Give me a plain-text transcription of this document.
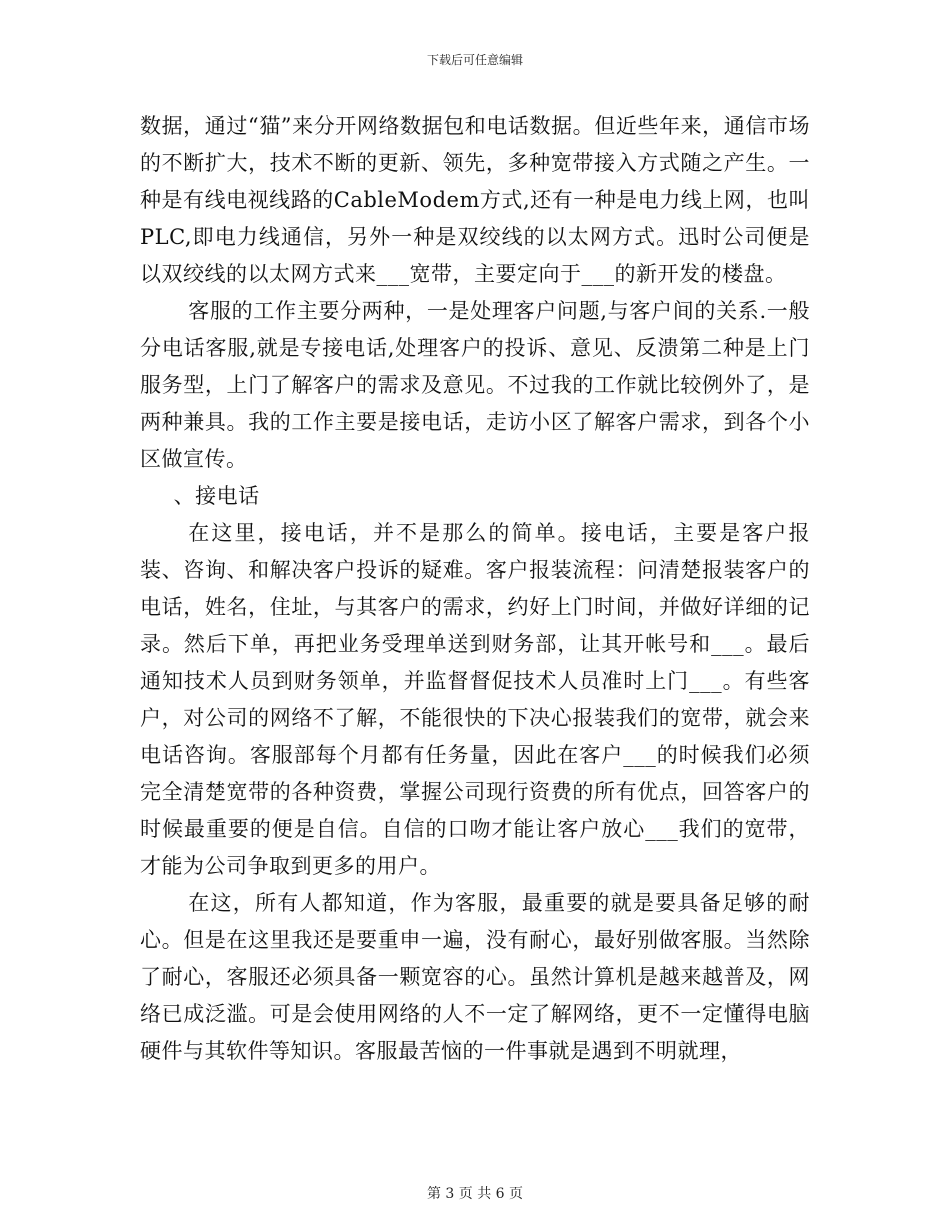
下载后可任意编辑

数据，通过“猫”来分开网络数据包和电话数据。但近些年来，通信市场的不断扩大，技术不断的更新、领先，多种宽带接入方式随之产生。一种是有线电视线路的CableModem方式,还有一种是电力线上网，也叫PLC,即电力线通信，另外一种是双绞线的以太网方式。迅时公司便是以双绞线的以太网方式来___宽带，主要定向于___的新开发的楼盘。

客服的工作主要分两种，一是处理客户问题,与客户间的关系.一般分电话客服,就是专接电话,处理客户的投诉、意见、反溃第二种是上门服务型，上门了解客户的需求及意见。不过我的工作就比较例外了，是两种兼具。我的工作主要是接电话，走访小区了解客户需求，到各个小区做宣传。

、接电话

在这里，接电话，并不是那么的简单。接电话，主要是客户报装、咨询、和解决客户投诉的疑难。客户报装流程：问清楚报装客户的电话，姓名，住址，与其客户的需求，约好上门时间，并做好详细的记录。然后下单，再把业务受理单送到财务部，让其开帐号和___。最后通知技术人员到财务领单，并监督督促技术人员准时上门___。有些客户，对公司的网络不了解，不能很快的下决心报装我们的宽带，就会来电话咨询。客服部每个月都有任务量，因此在客户___的时候我们必须完全清楚宽带的各种资费，掌握公司现行资费的所有优点，回答客户的时候最重要的便是自信。自信的口吻才能让客户放心___我们的宽带，才能为公司争取到更多的用户。

在这，所有人都知道，作为客服，最重要的就是要具备足够的耐心。但是在这里我还是要重申一遍，没有耐心，最好别做客服。当然除了耐心，客服还必须具备一颗宽容的心。虽然计算机是越来越普及，网络已成泛滥。可是会使用网络的人不一定了解网络，更不一定懂得电脑硬件与其软件等知识。客服最苦恼的一件事就是遇到不明就理，

第 3 页 共 6 页
